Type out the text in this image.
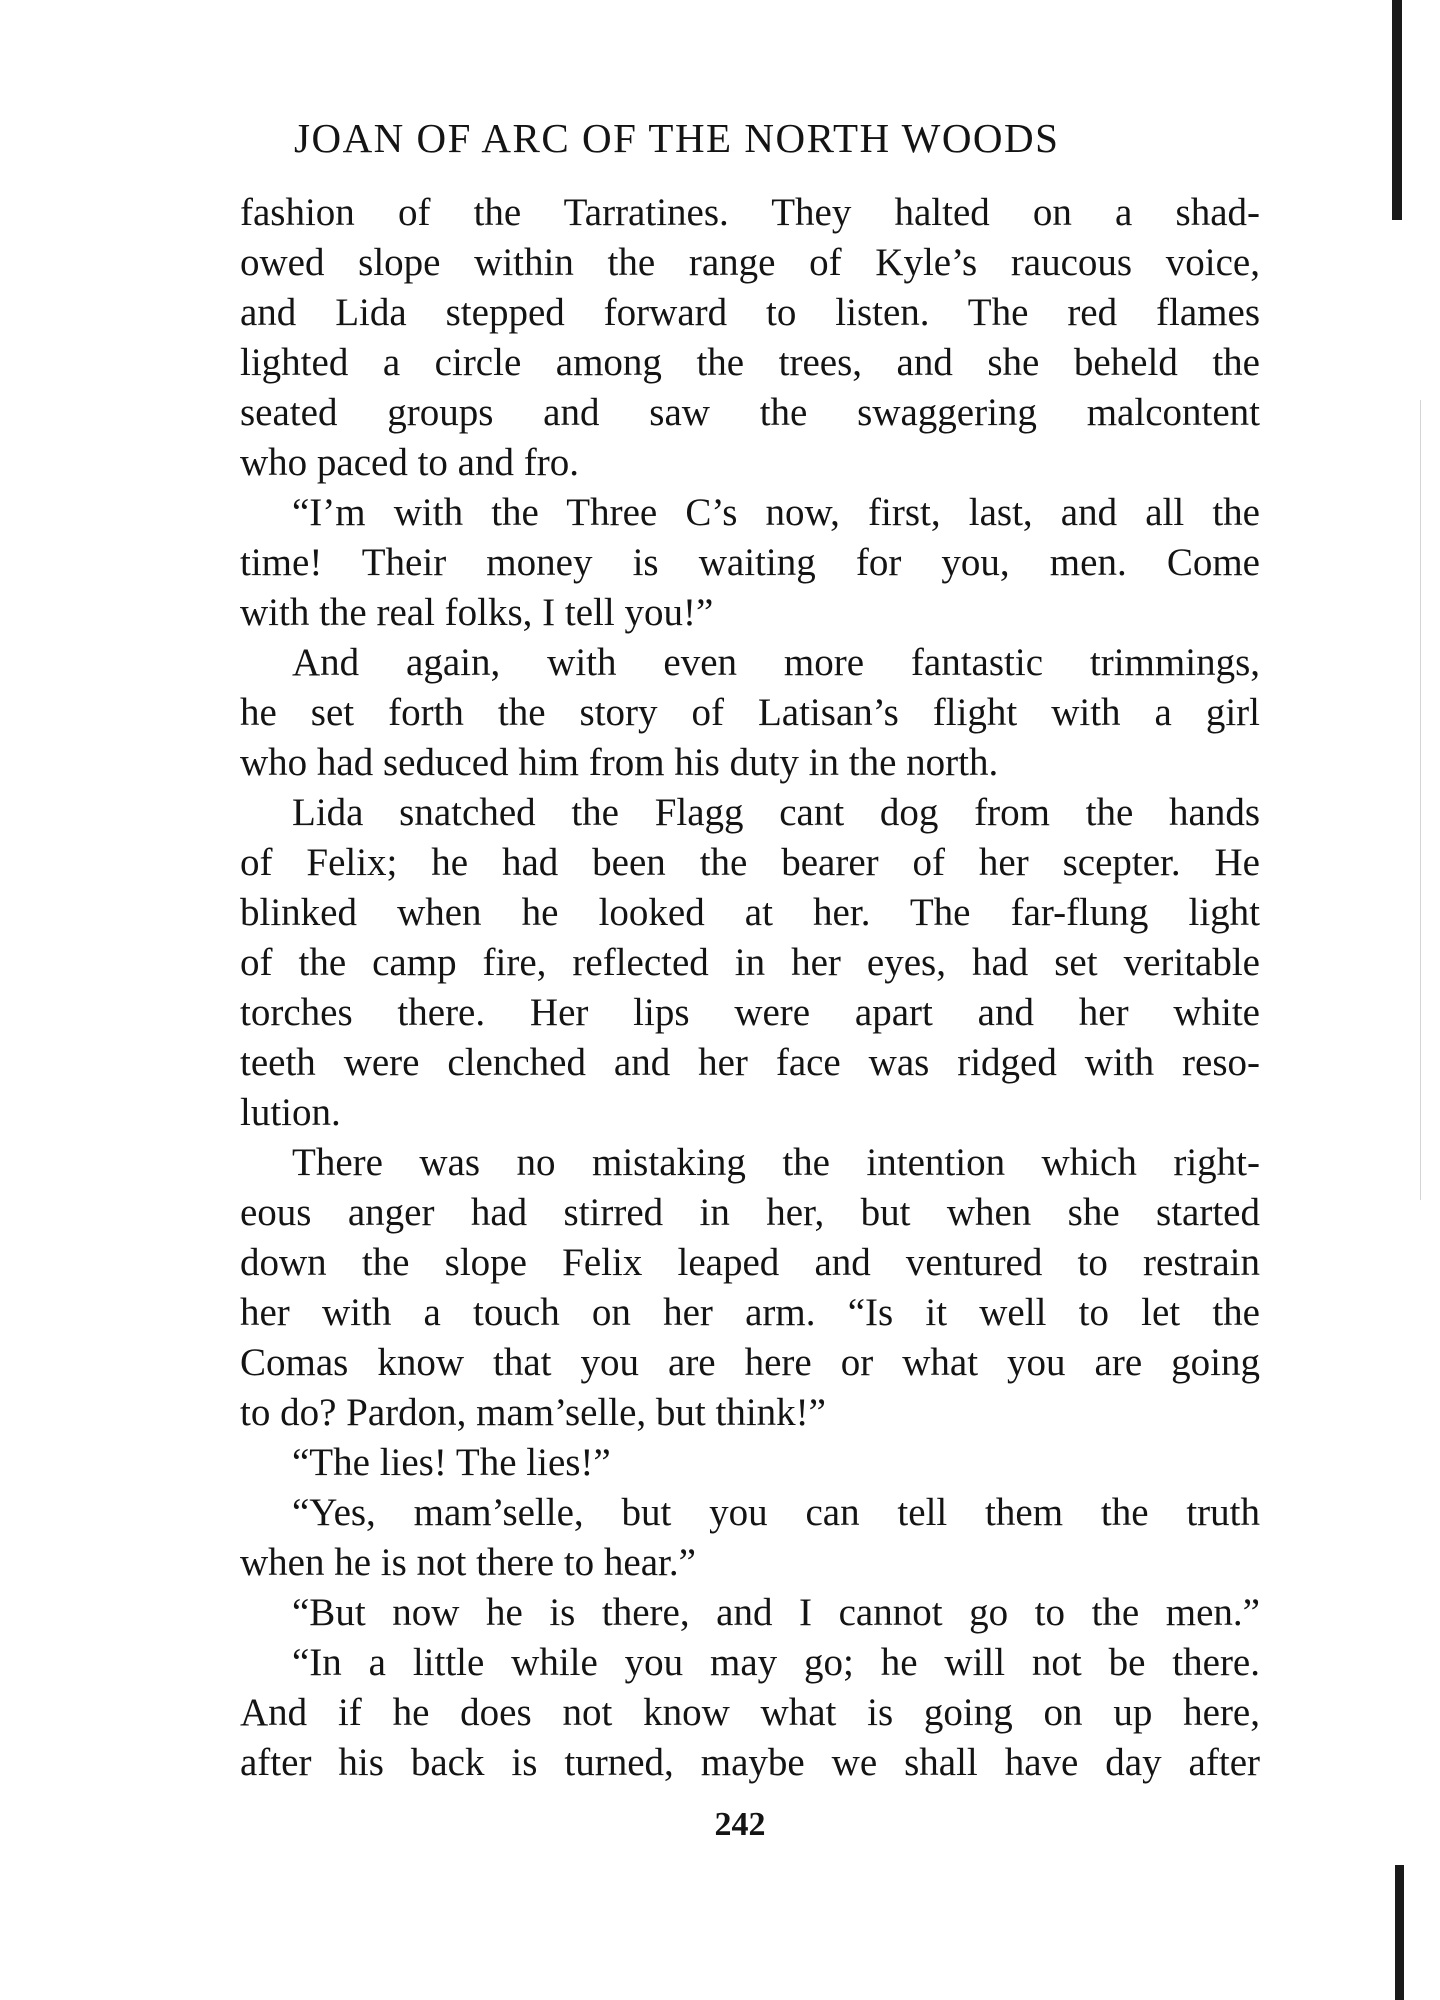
JOAN OF ARC OF THE NORTH WOODS
fashion of the Tarratines. They halted on a shad-
owed slope within the range of Kyle’s raucous voice,
and Lida stepped forward to listen. The red flames
lighted a circle among the trees, and she beheld the
seated groups and saw the swaggering malcontent
who paced to and fro.
“I’m with the Three C’s now, first, last, and all the
time! Their money is waiting for you, men. Come
with the real folks, I tell you!”
And again, with even more fantastic trimmings,
he set forth the story of Latisan’s flight with a girl
who had seduced him from his duty in the north.
Lida snatched the Flagg cant dog from the hands
of Felix; he had been the bearer of her scepter. He
blinked when he looked at her. The far-flung light
of the camp fire, reflected in her eyes, had set veritable
torches there. Her lips were apart and her white
teeth were clenched and her face was ridged with reso-
lution.
There was no mistaking the intention which right-
eous anger had stirred in her, but when she started
down the slope Felix leaped and ventured to restrain
her with a touch on her arm. “Is it well to let the
Comas know that you are here or what you are going
to do? Pardon, mam’selle, but think!”
“The lies! The lies!”
“Yes, mam’selle, but you can tell them the truth
when he is not there to hear.”
“But now he is there, and I cannot go to the men.”
“In a little while you may go; he will not be there.
And if he does not know what is going on up here,
after his back is turned, maybe we shall have day after
242
